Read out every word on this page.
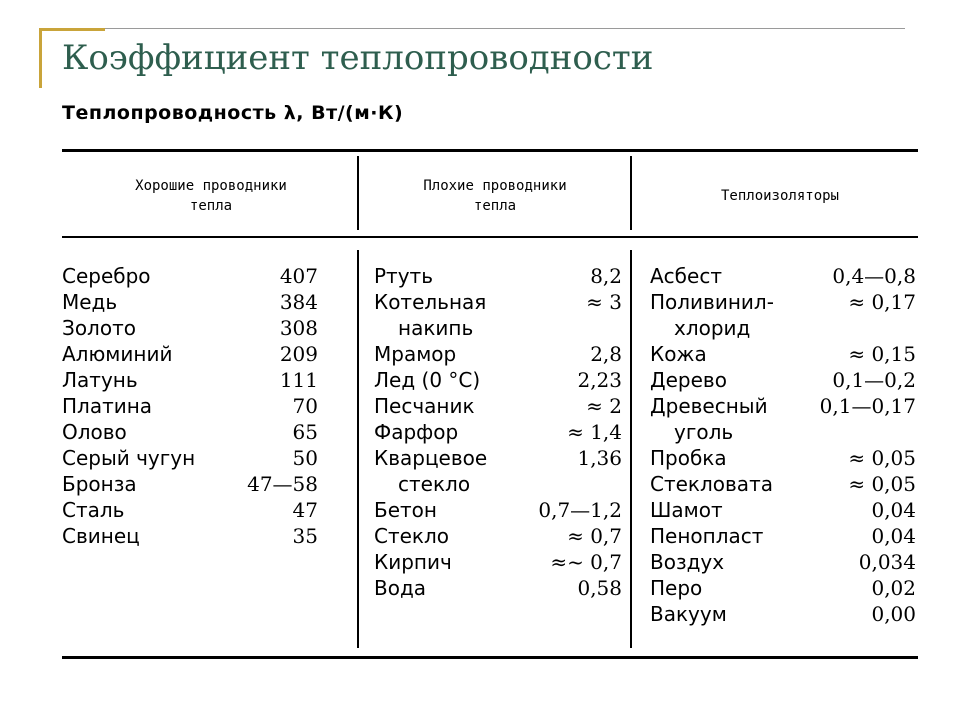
Коэффициент теплопроводности
Теплопроводность λ, Вт/(м·К)
Хорошие проводники
тепла
Плохие проводники
тепла
Теплоизоляторы
Серебро	407
Медь	384
Золото	308
Алюминий	209
Латунь	111
Платина	70
Олово	65
Серый чугун	50
Бронза	47—58
Сталь	47
Свинец	35
Ртуть	8,2
Котельная
накипь
≈ 3
Мрамор	2,8
Лед (0 °C)	2,23
Песчаник	≈ 2
Фарфор	≈ 1,4
Кварцевое
стекло
1,36
Бетон	0,7—1,2
Стекло	≈ 0,7
Кирпич	≈~ 0,7
Вода	0,58
Асбест	0,4—0,8
Поливинил-
хлорид
≈ 0,17
Кожа	≈ 0,15
Дерево	0,1—0,2
Древесный
уголь
0,1—0,17
Пробка	≈ 0,05
Стекловата	≈ 0,05
Шамот	0,04
Пенопласт	0,04
Воздух	0,034
Перо	0,02
Вакуум	0,00
